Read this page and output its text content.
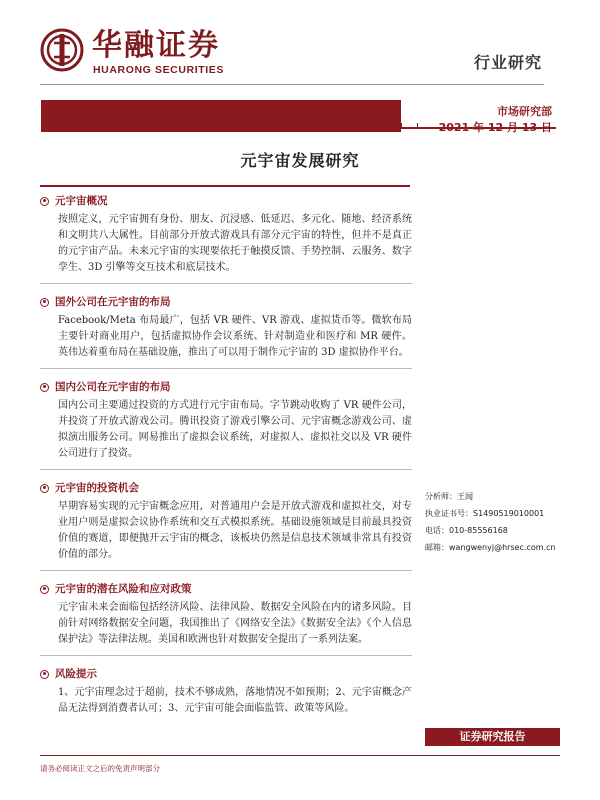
华融证券
HUARONG SECURITIES	行业研究
市场研究部
2021 年 12 月 13 日
元宇宙发展研究
元宇宙概况
按照定义，元宇宙拥有身份、朋友、沉浸感、低延迟、多元化、随地、经济系统和文明共八大属性。目前部分开放式游戏具有部分元宇宙的特性，但并不是真正的元宇宙产品。未来元宇宙的实现要依托于触摸反馈、手势控制、云服务、数字孪生、3D 引擎等交互技术和底层技术。
国外公司在元宇宙的布局
Facebook/Meta 布局最广，包括 VR 硬件、VR 游戏、虚拟货币等。微软布局主要针对商业用户，包括虚拟协作会议系统、针对制造业和医疗和 MR 硬件。英伟达着重布局在基础设施，推出了可以用于制作元宇宙的 3D 虚拟协作平台。
国内公司在元宇宙的布局
国内公司主要通过投资的方式进行元宇宙布局。字节跳动收购了 VR 硬件公司，并投资了开放式游戏公司。腾讯投资了游戏引擎公司、元宇宙概念游戏公司、虚拟演出服务公司。网易推出了虚拟会议系统，对虚拟人、虚拟社交以及 VR 硬件公司进行了投资。
元宇宙的投资机会
早期容易实现的元宇宙概念应用，对普通用户会是开放式游戏和虚拟社交，对专业用户则是虚拟会议协作系统和交互式模拟系统。基础设施领域是目前最具投资价值的赛道，即便抛开云宇宙的概念，该板块仍然是信息技术领域非常具有投资价值的部分。
元宇宙的潜在风险和应对政策
元宇宙未来会面临包括经济风险、法律风险、数据安全风险在内的诸多风险。目前针对网络数据安全问题，我国推出了《网络安全法》《数据安全法》《个人信息保护法》等法律法规。美国和欧洲也针对数据安全提出了一系列法案。
风险提示
1、元宇宙理念过于超前，技术不够成熟，落地情况不如预期；2、元宇宙概念产品无法得到消费者认可；3、元宇宙可能会面临监管、政策等风险。
分析师：王闻
执业证书号：S1490519010001
电话：010-85556168
邮箱：wangwenyj@hrsec.com.cn
证券研究报告
请务必阅读正文之后的免责声明部分
